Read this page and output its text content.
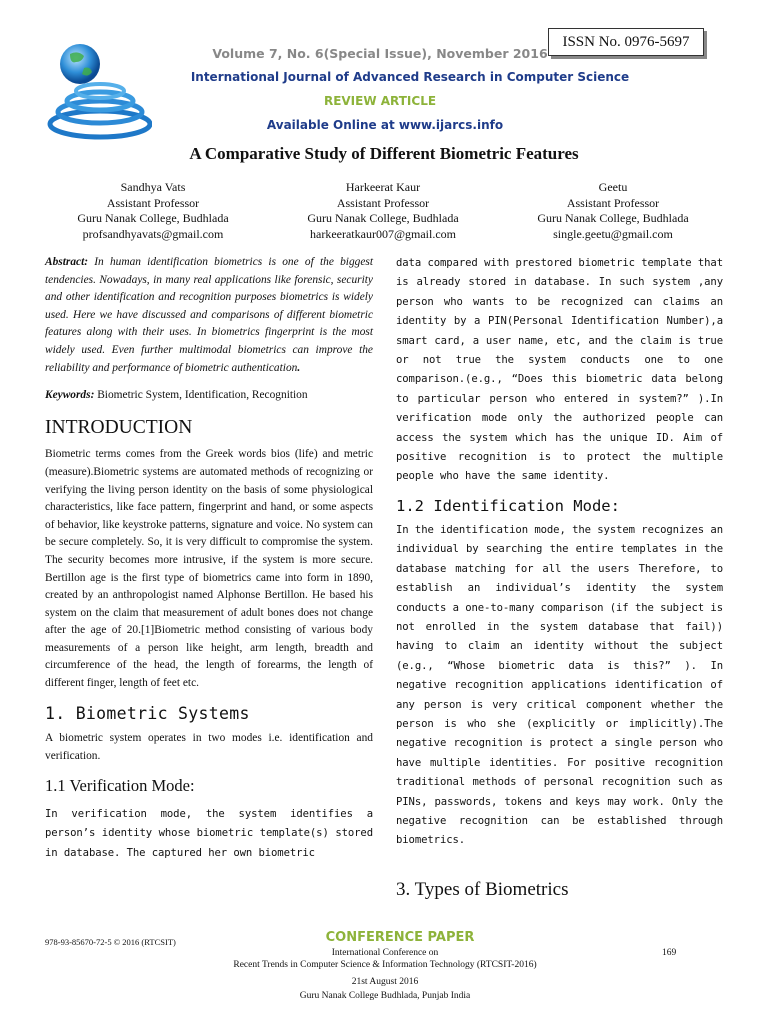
ISSN No. 0976-5697
Volume 7, No. 6(Special Issue), November 2016
International Journal of Advanced Research in Computer Science
REVIEW ARTICLE
Available Online at www.ijarcs.info
A Comparative Study of Different Biometric Features
Sandhya Vats
Assistant Professor
Guru Nanak College, Budhlada
profsandhyavats@gmail.com
Harkeerat Kaur
Assistant Professor
Guru Nanak College, Budhlada
harkeeratkaur007@gmail.com
Geetu
Assistant Professor
Guru Nanak College, Budhlada
single.geetu@gmail.com

Abstract: In human identification biometrics is one of the biggest tendencies. Nowadays, in many real applications like forensic, security and other identification and recognition purposes biometrics is widely used. Here we have discussed and comparisons of different biometric features along with their uses. In biometrics fingerprint is the most widely used. Even further multimodal biometrics can improve the reliability and performance of biometric authentication.

Keywords: Biometric System, Identification, Recognition

INTRODUCTION

Biometric terms comes from the Greek words bios (life) and metric (measure).Biometric systems are automated methods of recognizing or verifying the living person identity on the basis of some physiological characteristics, like face pattern, fingerprint and hand, or some aspects of behavior, like keystroke patterns, signature and voice. No system can be secure completely. So, it is very difficult to compromise the system. The security becomes more intrusive, if the system is more secure. Bertillon age is the first type of biometrics came into form in 1890, created by an anthropologist named Alphonse Bertillon. He based his system on the claim that measurement of adult bones does not change after the age of 20.[1]Biometric method consisting of various body measurements of a person like height, arm length, breadth and circumference of the head, the length of forearms, the length of different finger, length of feet etc.

1. Biometric Systems

A biometric system operates in two modes i.e. identification and verification.

1.1 Verification Mode:

In verification mode, the system identifies a person’s identity whose biometric template(s) stored in database. The captured her own biometric

data compared with prestored biometric template that is already stored in database. In such system ,any person who wants to be recognized can claims an identity by a PIN(Personal Identification Number),a smart card, a user name, etc, and the claim is true or not true the system conducts one to one comparison.(e.g., “Does this biometric data belong to particular person who entered in system?” ).In verification mode only the authorized people can access the system which has the unique ID. Aim of positive recognition is to protect the multiple people who have the same identity.

1.2 Identification Mode:

In the identification mode, the system recognizes an individual by searching the entire templates in the database matching for all the users Therefore, to establish an individual’s identity the system conducts a one-to-many comparison (if the subject is not enrolled in the system database that fail)) having to claim an identity without the subject (e.g., “Whose biometric data is this?” ). In negative recognition applications identification of any person is very critical component whether the person is who she (explicitly or implicitly).The negative recognition is protect a single person who have multiple identities. For positive recognition traditional methods of personal recognition such as PINs, passwords, tokens and keys may work. Only the negative recognition can be established through biometrics.

3. Types of Biometrics
978-93-85670-72-5 © 2016 (RTCSIT)	CONFERENCE PAPER
International Conference on
Recent Trends in Computer Science & Information Technology (RTCSIT-2016)
21st August 2016
Guru Nanak College Budhlada, Punjab India
169
